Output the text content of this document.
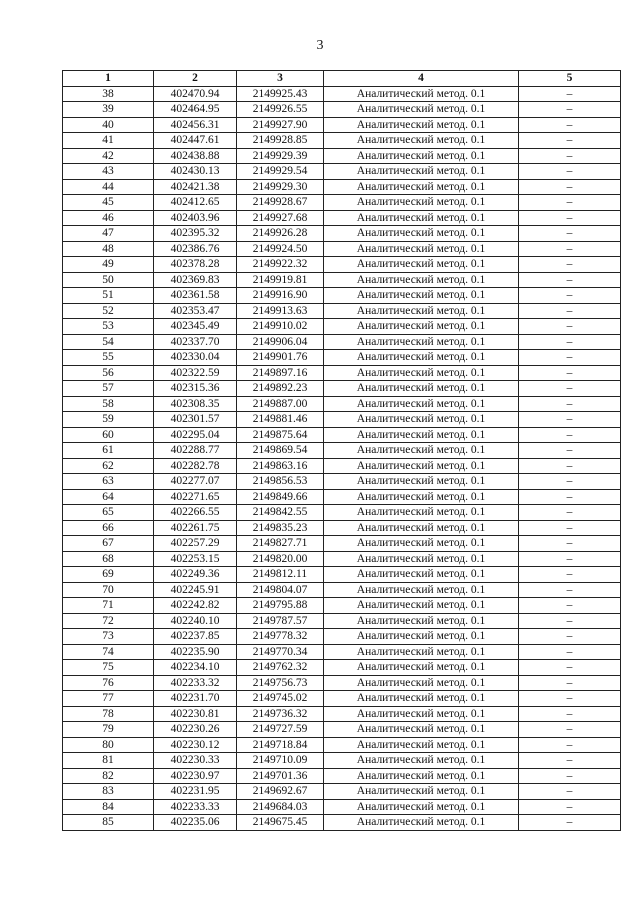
3
1	2	3	4	5
38	402470.94	2149925.43	Аналитический метод. 0.1	–
39	402464.95	2149926.55	Аналитический метод. 0.1	–
40	402456.31	2149927.90	Аналитический метод. 0.1	–
41	402447.61	2149928.85	Аналитический метод. 0.1	–
42	402438.88	2149929.39	Аналитический метод. 0.1	–
43	402430.13	2149929.54	Аналитический метод. 0.1	–
44	402421.38	2149929.30	Аналитический метод. 0.1	–
45	402412.65	2149928.67	Аналитический метод. 0.1	–
46	402403.96	2149927.68	Аналитический метод. 0.1	–
47	402395.32	2149926.28	Аналитический метод. 0.1	–
48	402386.76	2149924.50	Аналитический метод. 0.1	–
49	402378.28	2149922.32	Аналитический метод. 0.1	–
50	402369.83	2149919.81	Аналитический метод. 0.1	–
51	402361.58	2149916.90	Аналитический метод. 0.1	–
52	402353.47	2149913.63	Аналитический метод. 0.1	–
53	402345.49	2149910.02	Аналитический метод. 0.1	–
54	402337.70	2149906.04	Аналитический метод. 0.1	–
55	402330.04	2149901.76	Аналитический метод. 0.1	–
56	402322.59	2149897.16	Аналитический метод. 0.1	–
57	402315.36	2149892.23	Аналитический метод. 0.1	–
58	402308.35	2149887.00	Аналитический метод. 0.1	–
59	402301.57	2149881.46	Аналитический метод. 0.1	–
60	402295.04	2149875.64	Аналитический метод. 0.1	–
61	402288.77	2149869.54	Аналитический метод. 0.1	–
62	402282.78	2149863.16	Аналитический метод. 0.1	–
63	402277.07	2149856.53	Аналитический метод. 0.1	–
64	402271.65	2149849.66	Аналитический метод. 0.1	–
65	402266.55	2149842.55	Аналитический метод. 0.1	–
66	402261.75	2149835.23	Аналитический метод. 0.1	–
67	402257.29	2149827.71	Аналитический метод. 0.1	–
68	402253.15	2149820.00	Аналитический метод. 0.1	–
69	402249.36	2149812.11	Аналитический метод. 0.1	–
70	402245.91	2149804.07	Аналитический метод. 0.1	–
71	402242.82	2149795.88	Аналитический метод. 0.1	–
72	402240.10	2149787.57	Аналитический метод. 0.1	–
73	402237.85	2149778.32	Аналитический метод. 0.1	–
74	402235.90	2149770.34	Аналитический метод. 0.1	–
75	402234.10	2149762.32	Аналитический метод. 0.1	–
76	402233.32	2149756.73	Аналитический метод. 0.1	–
77	402231.70	2149745.02	Аналитический метод. 0.1	–
78	402230.81	2149736.32	Аналитический метод. 0.1	–
79	402230.26	2149727.59	Аналитический метод. 0.1	–
80	402230.12	2149718.84	Аналитический метод. 0.1	–
81	402230.33	2149710.09	Аналитический метод. 0.1	–
82	402230.97	2149701.36	Аналитический метод. 0.1	–
83	402231.95	2149692.67	Аналитический метод. 0.1	–
84	402233.33	2149684.03	Аналитический метод. 0.1	–
85	402235.06	2149675.45	Аналитический метод. 0.1	–
